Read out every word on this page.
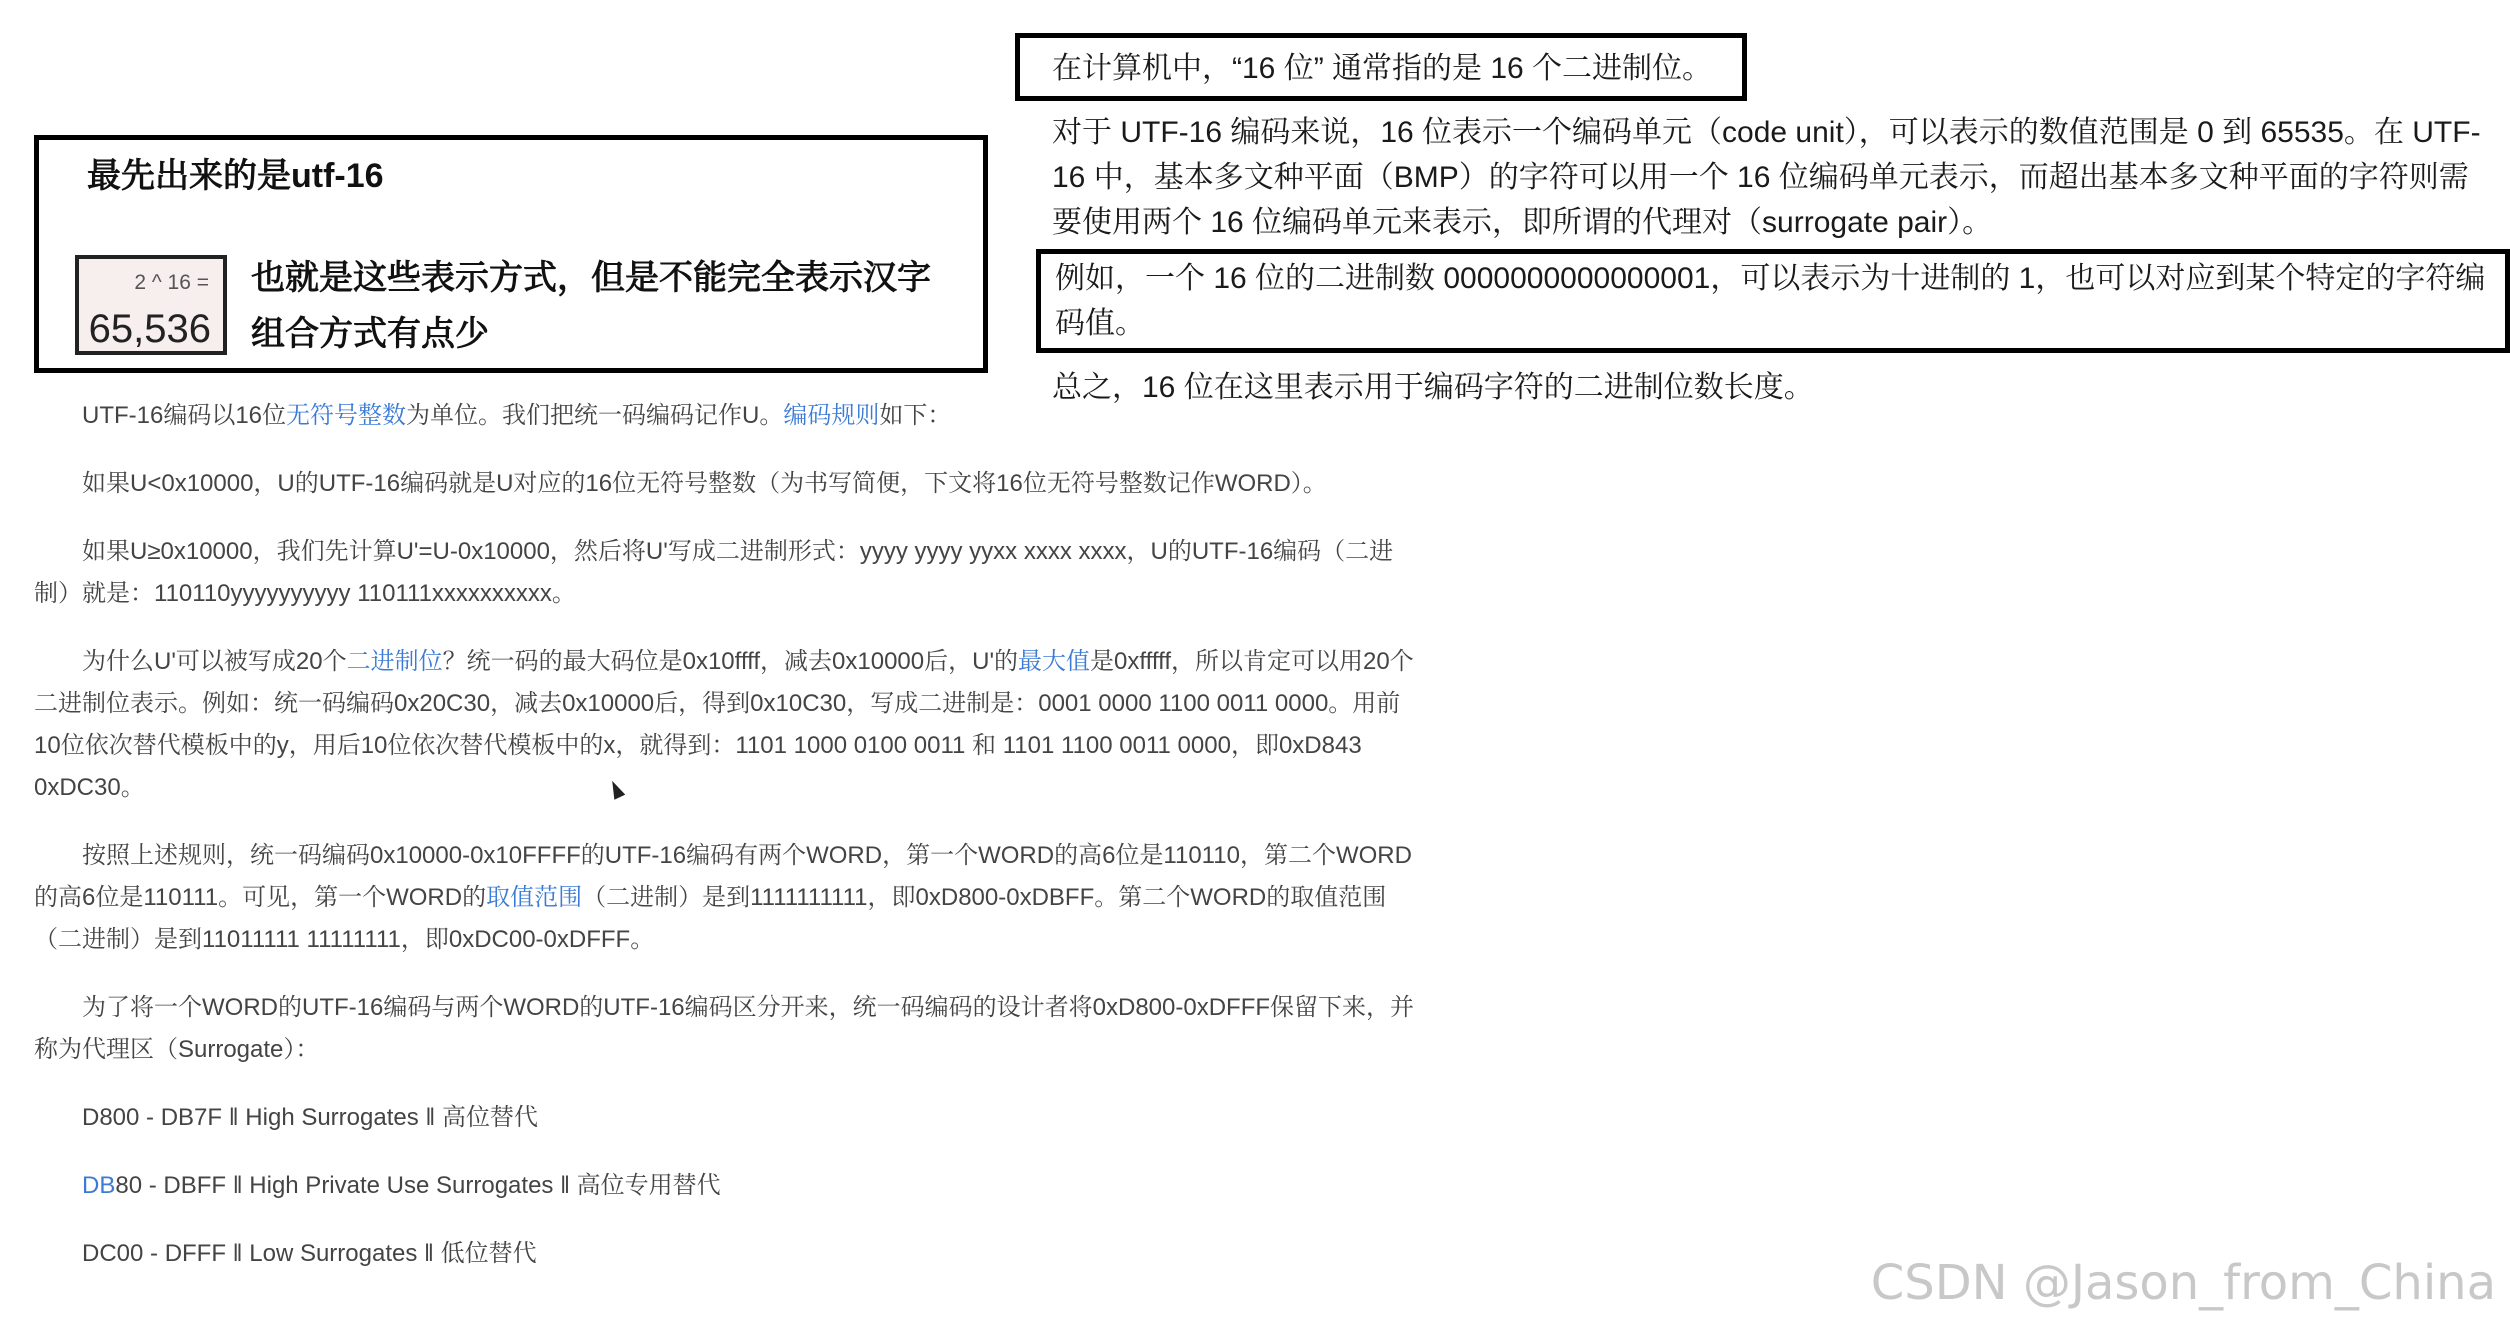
最先出来的是utf-16
2 ^ 16 =
65,536
也就是这些表示方式，但是不能完全表示汉字
组合方式有点少

UTF-16编码以16位无符号整数为单位。我们把统一码编码记作U。编码规则如下：

如果U<0x10000，U的UTF-16编码就是U对应的16位无符号整数（为书写简便，下文将16位无符号整数记作WORD）。

如果U≥0x10000，我们先计算U'=U-0x10000，然后将U'写成二进制形式：yyyy yyyy yyxx xxxx xxxx，U的UTF-16编码（二进制）就是：110110yyyyyyyyyy 110111xxxxxxxxxx。

为什么U'可以被写成20个二进制位？统一码的最大码位是0x10ffff，减去0x10000后，U'的最大值是0xfffff，所以肯定可以用20个二进制位表示。例如：统一码编码0x20C30，减去0x10000后，得到0x10C30，写成二进制是：0001 0000 1100 0011 0000。用前10位依次替代模板中的y，用后10位依次替代模板中的x，就得到：1101 1000 0100 0011 和 1101 1100 0011 0000，即0xD843 0xDC30。

按照上述规则，统一码编码0x10000-0x10FFFF的UTF-16编码有两个WORD，第一个WORD的高6位是110110，第二个WORD的高6位是110111。可见，第一个WORD的取值范围（二进制）是到1111111111，即0xD800-0xDBFF。第二个WORD的取值范围（二进制）是到11011111 11111111，即0xDC00-0xDFFF。

为了将一个WORD的UTF-16编码与两个WORD的UTF-16编码区分开来，统一码编码的设计者将0xD800-0xDFFF保留下来，并称为代理区（Surrogate）：

D800 - DB7F ‖ High Surrogates ‖ 高位替代

DB80 - DBFF ‖ High Private Use Surrogates ‖ 高位专用替代

DC00 - DFFF ‖ Low Surrogates ‖ 低位替代

在计算机中，“16 位” 通常指的是 16 个二进制位。
对于 UTF-16 编码来说，16 位表示一个编码单元（code unit），可以表示的数值范围是 0 到 65535。在 UTF-16 中，基本多文种平面（BMP）的字符可以用一个 16 位编码单元表示，而超出基本多文种平面的字符则需要使用两个 16 位编码单元来表示，即所谓的代理对（surrogate pair）。
例如，一个 16 位的二进制数 0000000000000001，可以表示为十进制的 1，也可以对应到某个特定的字符编码值。
总之，16 位在这里表示用于编码字符的二进制位数长度。
​
CSDN @Jason_from_China
